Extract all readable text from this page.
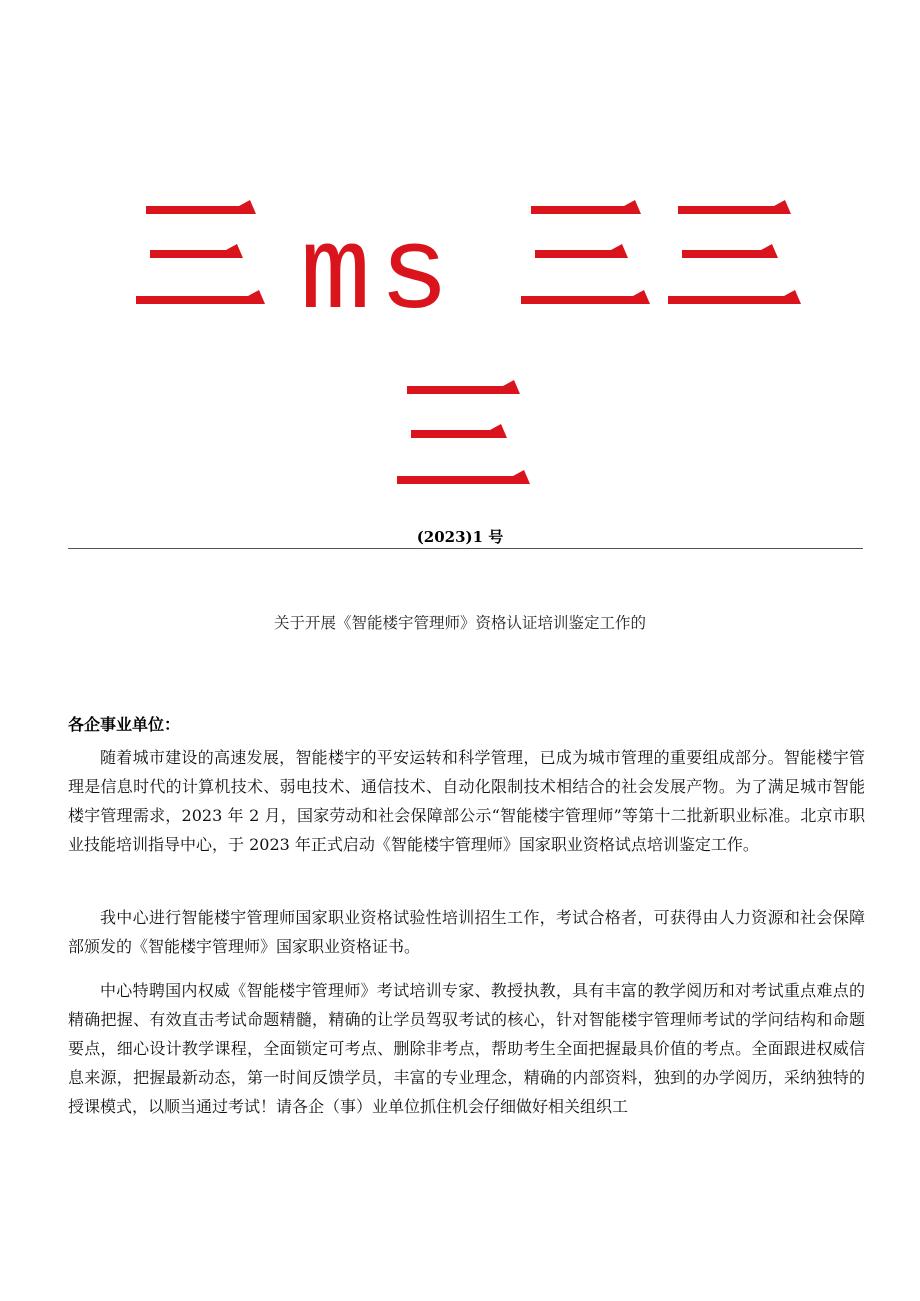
ms
(2023)1 号
关于开展《智能楼宇管理师》资格认证培训鉴定工作的
各企事业单位：

随着城市建设的高速发展，智能楼宇的平安运转和科学管理，已成为城市管理的重要组成部分。智能楼宇管理是信息时代的计算机技术、弱电技术、通信技术、自动化限制技术相结合的社会发展产物。为了满足城市智能楼宇管理需求，2023 年 2 月，国家劳动和社会保障部公示“智能楼宇管理师”等第十二批新职业标准。北京市职业技能培训指导中心，于 2023 年正式启动《智能楼宇管理师》国家职业资格试点培训鉴定工作。

我中心进行智能楼宇管理师国家职业资格试验性培训招生工作，考试合格者，可获得由人力资源和社会保障部颁发的《智能楼宇管理师》国家职业资格证书。

中心特聘国内权威《智能楼宇管理师》考试培训专家、教授执教，具有丰富的教学阅历和对考试重点难点的精确把握、有效直击考试命题精髓，精确的让学员驾驭考试的核心，针对智能楼宇管理师考试的学问结构和命题要点，细心设计教学课程，全面锁定可考点、删除非考点，帮助考生全面把握最具价值的考点。全面跟进权威信息来源，把握最新动态，第一时间反馈学员，丰富的专业理念，精确的内部资料，独到的办学阅历，采纳独特的授课模式，以顺当通过考试！请各企（事）业单位抓住机会仔细做好相关组织工
